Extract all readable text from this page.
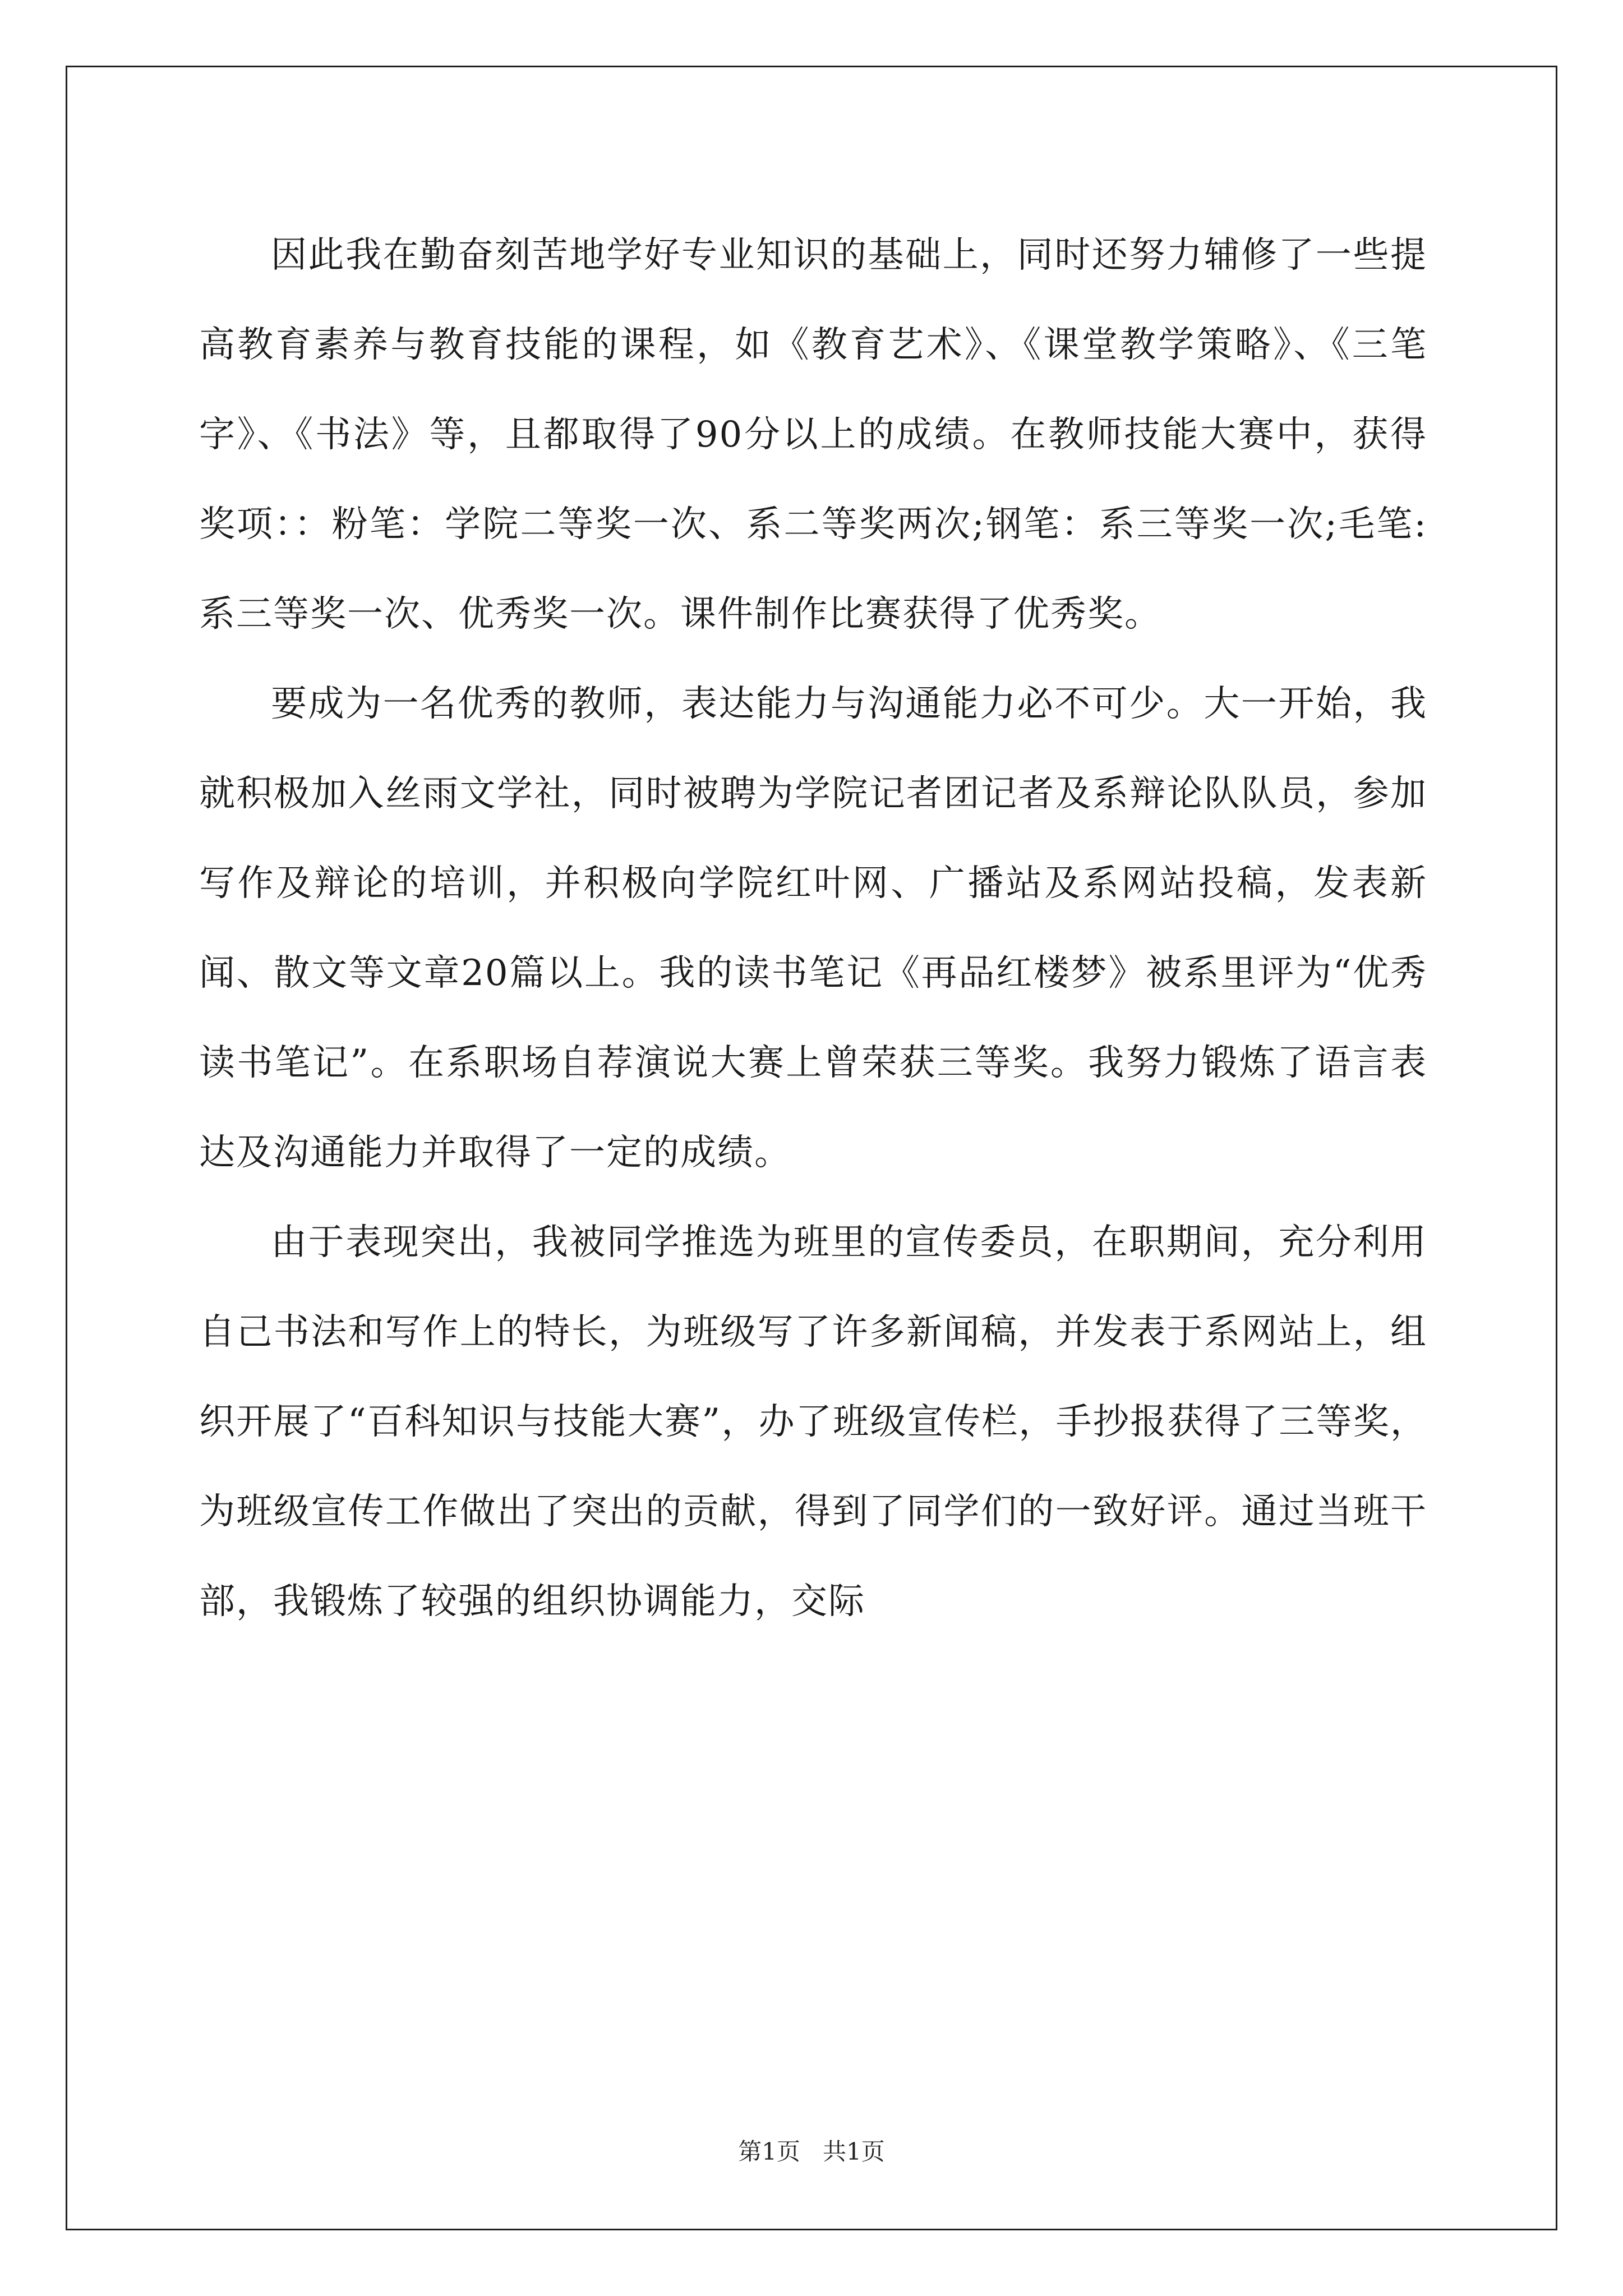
因此我在勤奋刻苦地学好专业知识的基础上，同时还努力辅修了一些提高教育素养与教育技能的课程，如《教育艺术》、《课堂教学策略》、《三笔字》、《书法》等，且都取得了90分以上的成绩。在教师技能大赛中，获得奖项：：粉笔：学院二等奖一次、系二等奖两次;钢笔：系三等奖一次;毛笔:系三等奖一次、优秀奖一次。课件制作比赛获得了优秀奖。

要成为一名优秀的教师，表达能力与沟通能力必不可少。大一开始，我就积极加入丝雨文学社，同时被聘为学院记者团记者及系辩论队队员，参加写作及辩论的培训，并积极向学院红叶网、广播站及系网站投稿，发表新闻、散文等文章20篇以上。我的读书笔记《再品红楼梦》被系里评为“优秀读书笔记”。在系职场自荐演说大赛上曾荣获三等奖。我努力锻炼了语言表达及沟通能力并取得了一定的成绩。

由于表现突出，我被同学推选为班里的宣传委员，在职期间，充分利用自己书法和写作上的特长，为班级写了许多新闻稿，并发表于系网站上，组织开展了“百科知识与技能大赛”，办了班级宣传栏，手抄报获得了三等奖，为班级宣传工作做出了突出的贡献，得到了同学们的一致好评。通过当班干部，我锻炼了较强的组织协调能力，交际

第1页 共1页
